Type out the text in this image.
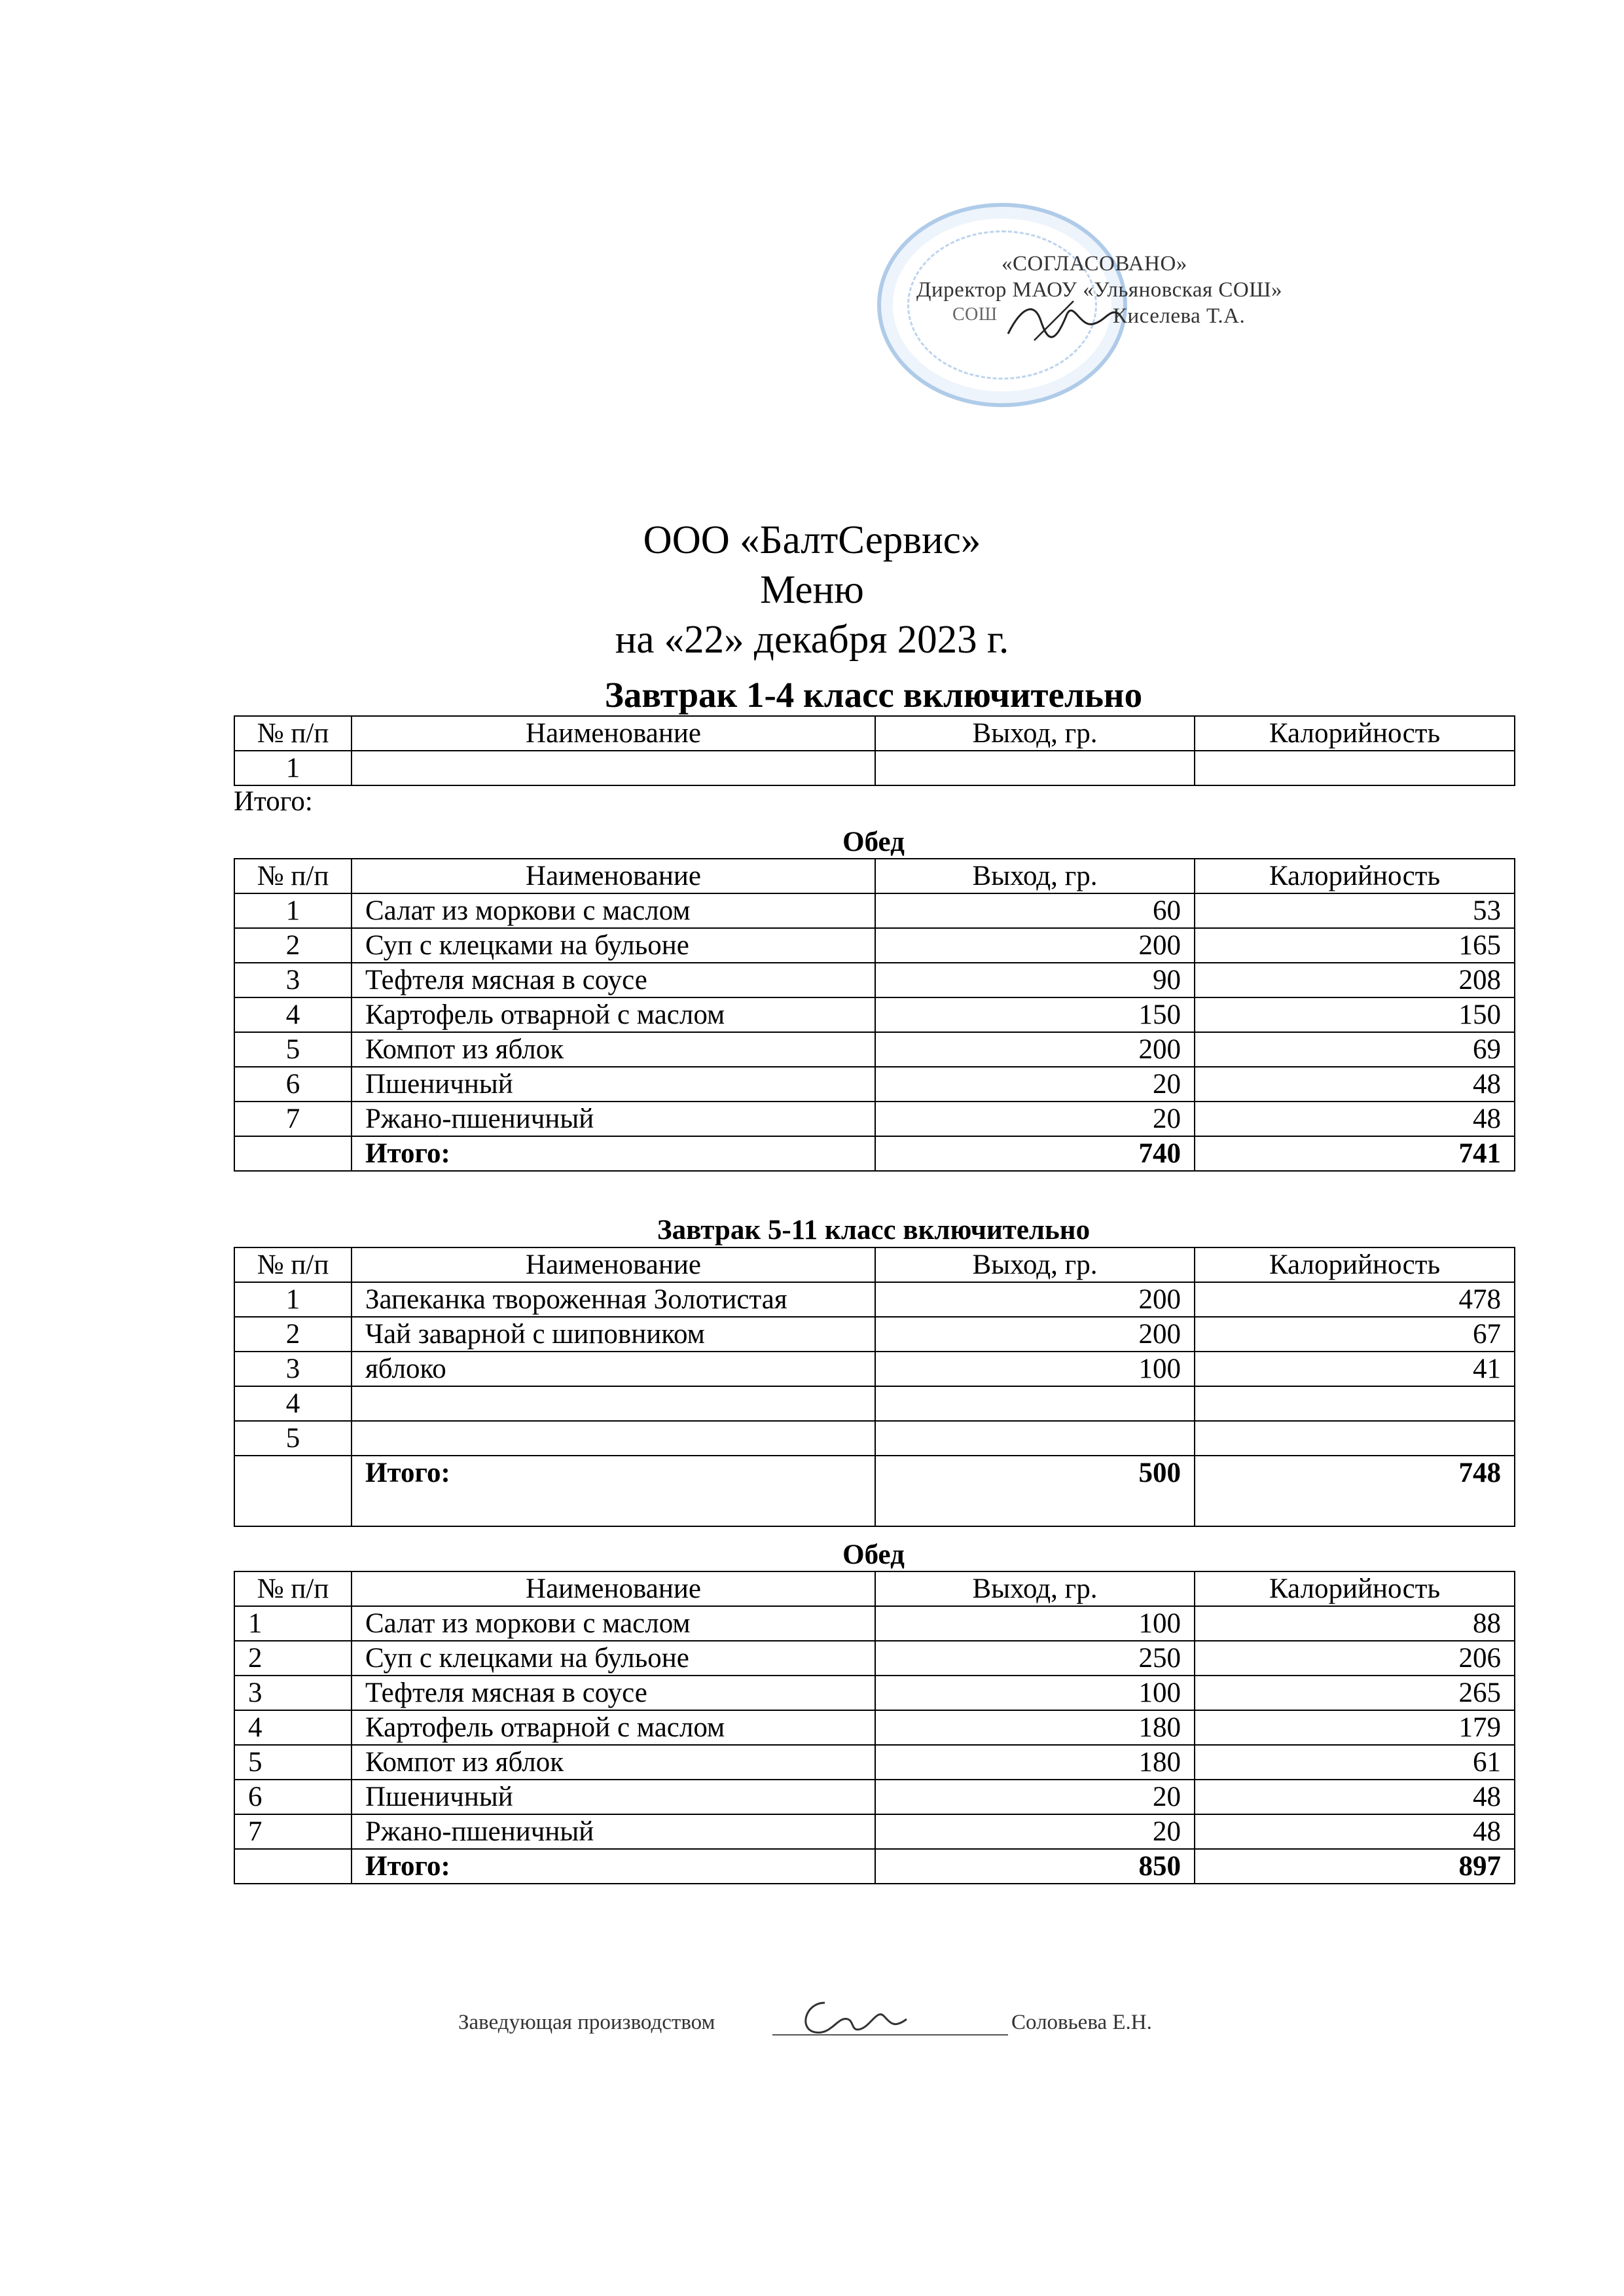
«СОГЛАСОВАНО»
Директор МАОУ «Ульяновская СОШ»
СОШ	Киселева Т.А.
ООО «БалтСервис»
Меню
на «22» декабря 2023 г.
Завтрак 1-4 класс включительно
№ п/п	Наименование	Выход, гр.	Калорийность
1			
Итого:
Обед
№ п/п	Наименование	Выход, гр.	Калорийность
1	Салат из моркови с маслом	60	53
2	Суп с клецками на бульоне	200	165
3	Тефтеля мясная в соусе	90	208
4	Картофель отварной с маслом	150	150
5	Компот из яблок	200	69
6	Пшеничный	20	48
7	Ржано-пшеничный	20	48
	Итого:	740	741
Завтрак 5-11 класс включительно
№ п/п	Наименование	Выход, гр.	Калорийность
1	Запеканка твороженная Золотистая	200	478
2	Чай заварной с шиповником	200	67
3	яблоко	100	41
4			
5			
	Итого:	500	748
Обед
№ п/п	Наименование	Выход, гр.	Калорийность
1	Салат из моркови с маслом	100	88
2	Суп с клецками на бульоне	250	206
3	Тефтеля мясная в соусе	100	265
4	Картофель отварной с маслом	180	179
5	Компот из яблок	180	61
6	Пшеничный	20	48
7	Ржано-пшеничный	20	48
	Итого:	850	897
Заведующая производством	Соловьева Е.Н.
